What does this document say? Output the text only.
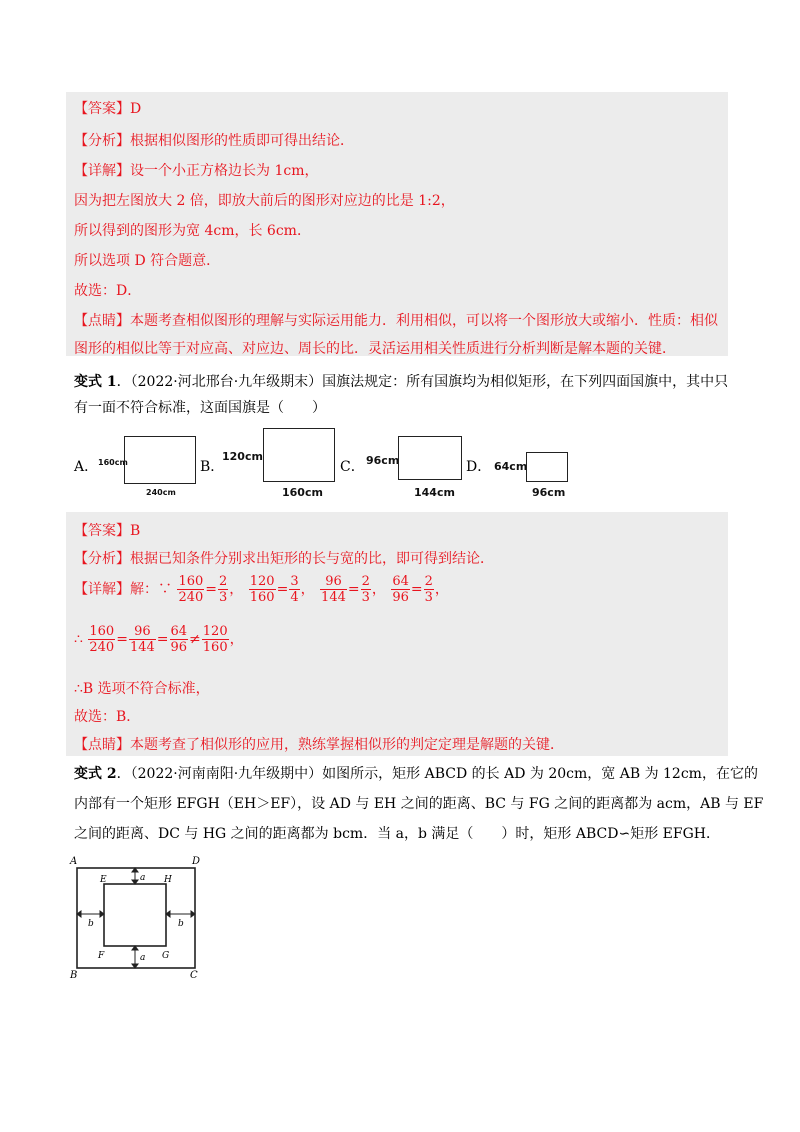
【答案】D
【分析】根据相似图形的性质即可得出结论．
【详解】设一个小正方格边长为 1cm，
因为把左图放大 2 倍，即放大前后的图形对应边的比是 1:2，
所以得到的图形为宽 4cm，长 6cm．
所以选项 D 符合题意．
故选：D．
【点睛】本题考查相似图形的理解与实际运用能力．利用相似，可以将一个图形放大或缩小．性质：相似
图形的相似比等于对应高、对应边、周长的比．灵活运用相关性质进行分析判断是解本题的关键．
变式 1．（2022·河北邢台·九年级期末）国旗法规定：所有国旗均为相似矩形，在下列四面国旗中，其中只
有一面不符合标准，这面国旗是（　　）
A． 160cm
240cm
B．
120cm
160cm
C． 96cm
144cm
D． 64cm
96cm
【答案】B
【分析】根据已知条件分别求出矩形的长与宽的比，即可得到结论．
【详解】解：∵ $\frac{160}{240} = \frac{2}{3}$ ， $\frac{120}{160} = \frac{3}{4}$ ， $\frac{96}{144} = \frac{2}{3}$ ， $\frac{64}{96} = \frac{2}{3}$ ，
∴ $\frac{160}{240} = \frac{96}{144} = \frac{64}{96} \ne \frac{120}{160}$ ，
∴B 选项不符合标准，
故选：B．
【点睛】本题考查了相似形的应用，熟练掌握相似形的判定定理是解题的关键．
变式 2．（2022·河南南阳·九年级期中）如图所示，矩形 ABCD 的长 AD 为 20cm，宽 AB 为 12cm，在它的
内部有一个矩形 EFGH（EH＞EF），设 AD 与 EH 之间的距离、BC 与 FG 之间的距离都为 acm，AB 与 EF
之间的距离、DC 与 HG 之间的距离都为 bcm．当 a，b 满足（　　）时，矩形 ABCD∽矩形 EFGH．
A	D
B	C
E	H
F	G
a
a
b	b
